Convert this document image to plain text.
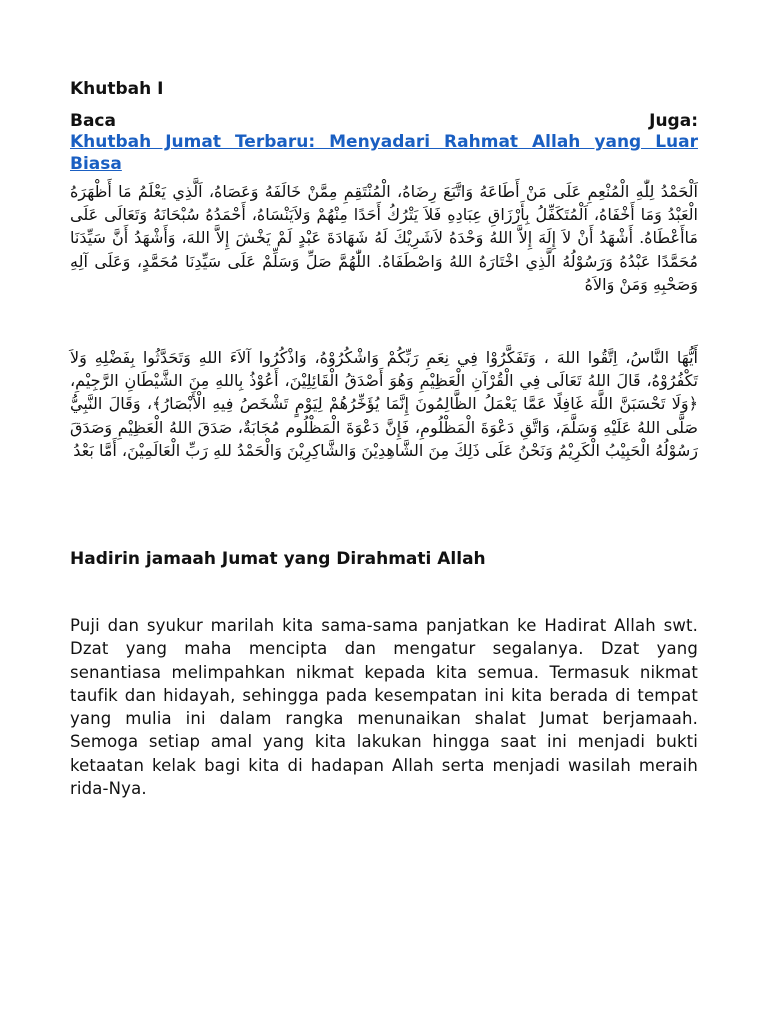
Khutbah I
Baca	Juga:
Khutbah Jumat Terbaru: Menyadari Rahmat Allah yang Luar Biasa
اَلْحَمْدُ لِلّٰهِ الْمُنْعِمِ عَلَى مَنْ أَطَاعَهُ وَاتَّبَعَ رِضَاهُ، الْمُنْتَقِمِ مِمَّنْ خَالَفَهُ وَعَصَاهُ، اَلَّذِي يَعْلَمُ مَا أَظْهَرَهُ الْعَبْدُ وَمَا أَخْفَاهُ، اَلْمُتَكَفِّلُ بِأَرْزَاقِ عِبَادِهِ فَلاَ يَتْرُكُ أَحَدًا مِنْهُمْ وَلاَيَنْسَاهُ، أَحْمَدُهُ سُبْحَانَهُ وَتَعَالَى عَلَى مَاأَعْطَاهُ. أَشْهَدُ أَنْ لاَ إِلَهَ إِلاَّ اللهُ وَحْدَهُ لاَشَرِيْكَ لَهُ شَهَادَةَ عَبْدٍ لَمْ يَخْشَ إِلاَّ اللهَ، وَأَشْهَدُ أَنَّ سَيِّدَنَا مُحَمَّدًا عَبْدُهُ وَرَسُوْلُهُ الَّذِي اخْتَارَهُ اللهُ وَاصْطَفَاهُ. اللّٰهُمَّ صَلِّ وَسَلِّمْ عَلَى سَيِّدِنَا مُحَمَّدٍ، وَعَلَى آلِهِ وَصَحْبِهِ وَمَنْ وَالاَهُ
أَيُّهَا النَّاسُ، اِتَّقُوا اللهَ ، وَتَفَكَّرُوْا فِي نِعَمِ رَبِّكُمْ وَاشْكُرُوْهُ، وَاذْكُرُوا آلاَءَ اللهِ وَتَحَدَّثُوا بِفَضْلِهِ وَلاَ تَكْفُرُوْهُ، قَالَ اللهُ تَعَالَى فِي الْقُرْآنِ الْعَظِيْمِ وَهُوَ أَصْدَقُ الْقَائِلِيْنَ، أَعُوْذُ بِاللهِ مِنَ الشَّيْطَانِ الرَّجِيْمِ، ﴿وَلَا تَحْسَبَنَّ اللَّهَ غَافِلًا عَمَّا يَعْمَلُ الظَّالِمُونَ إِنَّمَا يُؤَخِّرُهُمْ لِيَوْمٍ تَشْخَصُ فِيهِ الْأَبْصَارُ﴾، وَقَالَ النَّبِيُّ صَلَّى اللهُ عَلَيْهِ وَسَلَّمَ، وَاتَّقِ دَعْوَةَ الْمَظْلُومِ، فَإِنَّ دَعْوَةَ الْمَظْلُوم مُجَابَةٌ، صَدَقَ اللهُ الْعَظِيْمِ وَصَدَقَ رَسُوْلُهُ الْحَبِيْبُ الْكَرِيْمُ وَنَحْنُ عَلَى ذَلِكَ مِنَ الشَّاهِدِيْنَ وَالشَّاكِرِيْنَ وَالْحَمْدُ للهِ رَبِّ الْعَالَمِيْنَ، أَمَّا بَعْدُ
Hadirin jamaah Jumat yang Dirahmati Allah
Puji dan syukur marilah kita sama-sama panjatkan ke Hadirat Allah swt. Dzat yang maha mencipta dan mengatur segalanya. Dzat yang senantiasa melimpahkan nikmat kepada kita semua. Termasuk nikmat taufik dan hidayah, sehingga pada kesempatan ini kita berada di tempat yang mulia ini dalam rangka menunaikan shalat Jumat berjamaah. Semoga setiap amal yang kita lakukan hingga saat ini menjadi bukti ketaatan kelak bagi kita di hadapan Allah serta menjadi wasilah meraih rida-Nya.
